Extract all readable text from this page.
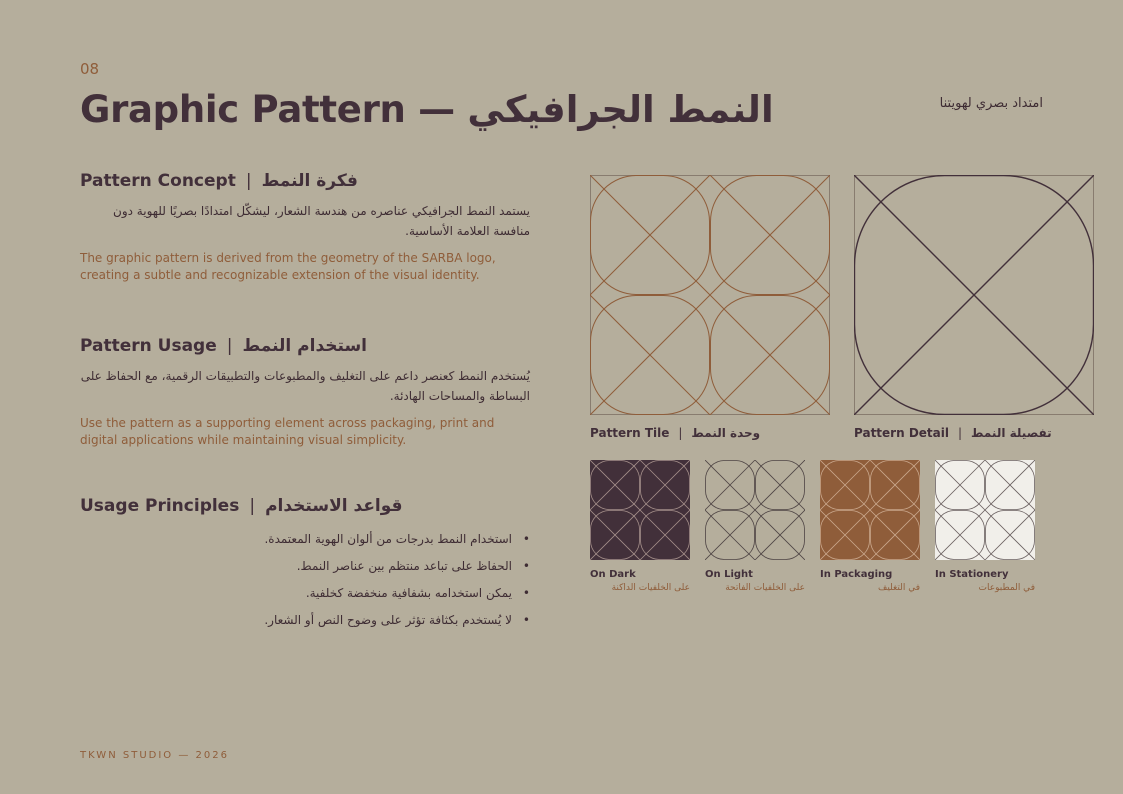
08
Graphic Pattern — النمط الجرافيكي	امتداد بصري لهويتنا
Pattern Concept | فكرة النمط
يستمد النمط الجرافيكي عناصره من هندسة الشعار، ليشكّل امتدادًا بصريًا للهوية دون منافسة العلامة الأساسية.
The graphic pattern is derived from the geometry of the SARBA logo, creating a subtle and recognizable extension of the visual identity.
Pattern Usage | استخدام النمط
يُستخدم النمط كعنصر داعم على التغليف والمطبوعات والتطبيقات الرقمية، مع الحفاظ على البساطة والمساحات الهادئة.
Use the pattern as a supporting element across packaging, print and digital applications while maintaining visual simplicity.
Usage Principles | قواعد الاستخدام
• استخدام النمط بدرجات من ألوان الهوية المعتمدة.
• الحفاظ على تباعد منتظم بين عناصر النمط.
• يمكن استخدامه بشفافية منخفضة كخلفية.
• لا يُستخدم بكثافة تؤثر على وضوح النص أو الشعار.
Pattern Tile | وحدة النمط	Pattern Detail | تفصيلة النمط
On Dark
على الخلفيات الداكنة
On Light
على الخلفيات الفاتحة
In Packaging
في التغليف
In Stationery
في المطبوعات
TKWN STUDIO — 2026
